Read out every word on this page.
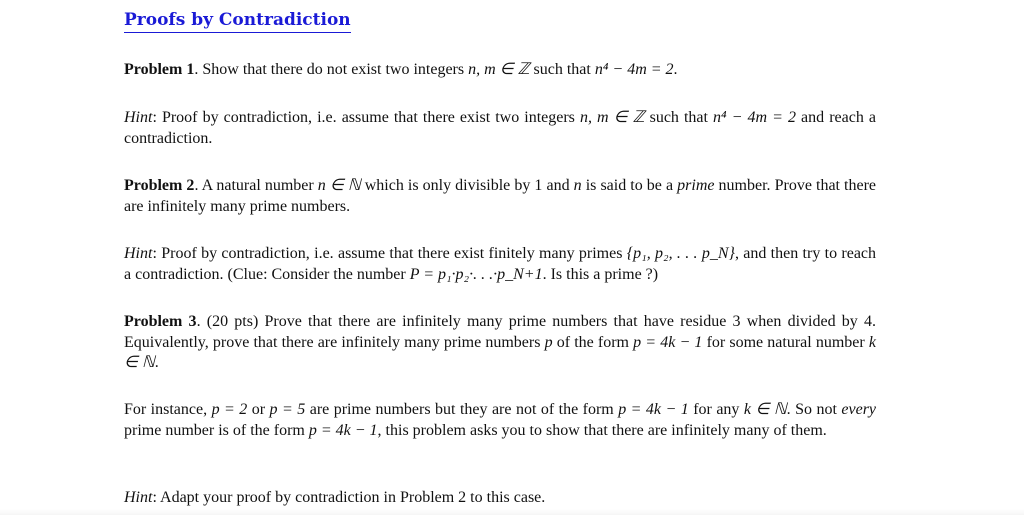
Proofs by Contradiction

Problem 1. Show that there do not exist two integers n, m ∈ ℤ such that n⁴ − 4m = 2.

Hint: Proof by contradiction, i.e. assume that there exist two integers n, m ∈ ℤ such that n⁴ − 4m = 2 and reach a contradiction.

Problem 2. A natural number n ∈ ℕ which is only divisible by 1 and n is said to be a prime number. Prove that there are infinitely many prime numbers.

Hint: Proof by contradiction, i.e. assume that there exist finitely many primes {p₁, p₂, . . . p_N}, and then try to reach a contradiction. (Clue: Consider the number P = p₁·p₂·. . .·p_N+1. Is this a prime ?)

Problem 3. (20 pts) Prove that there are infinitely many prime numbers that have residue 3 when divided by 4. Equivalently, prove that there are infinitely many prime numbers p of the form p = 4k − 1 for some natural number k ∈ ℕ.

For instance, p = 2 or p = 5 are prime numbers but they are not of the form p = 4k − 1 for any k ∈ ℕ. So not every prime number is of the form p = 4k − 1, this problem asks you to show that there are infinitely many of them.

Hint: Adapt your proof by contradiction in Problem 2 to this case.
